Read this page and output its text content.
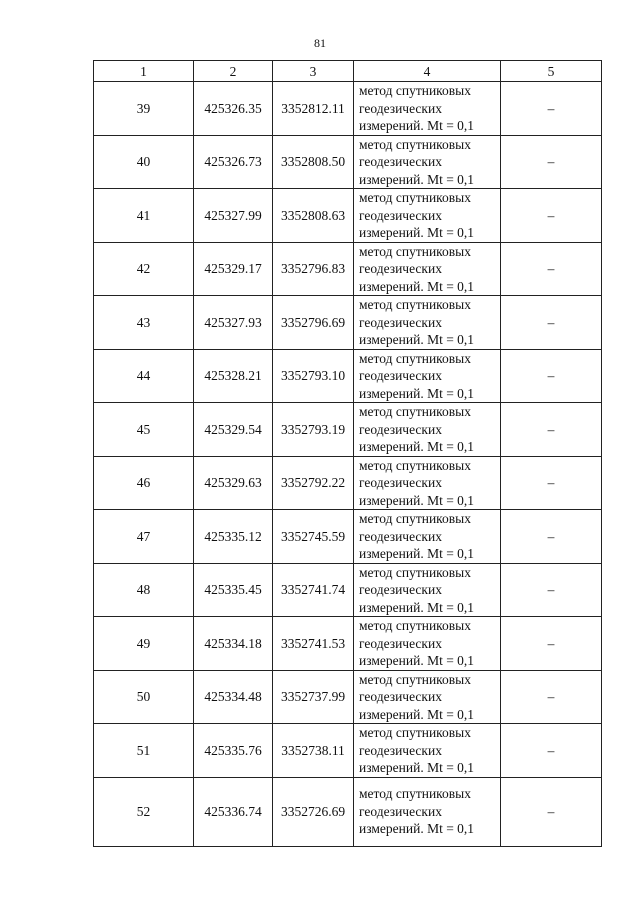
81
1	2	3	4	5
39	425326.35	3352812.11	метод спутниковых
геодезических
измерений. Mt = 0,1	–
40	425326.73	3352808.50	метод спутниковых
геодезических
измерений. Mt = 0,1	–
41	425327.99	3352808.63	метод спутниковых
геодезических
измерений. Mt = 0,1	–
42	425329.17	3352796.83	метод спутниковых
геодезических
измерений. Mt = 0,1	–
43	425327.93	3352796.69	метод спутниковых
геодезических
измерений. Mt = 0,1	–
44	425328.21	3352793.10	метод спутниковых
геодезических
измерений. Mt = 0,1	–
45	425329.54	3352793.19	метод спутниковых
геодезических
измерений. Mt = 0,1	–
46	425329.63	3352792.22	метод спутниковых
геодезических
измерений. Mt = 0,1	–
47	425335.12	3352745.59	метод спутниковых
геодезических
измерений. Mt = 0,1	–
48	425335.45	3352741.74	метод спутниковых
геодезических
измерений. Mt = 0,1	–
49	425334.18	3352741.53	метод спутниковых
геодезических
измерений. Mt = 0,1	–
50	425334.48	3352737.99	метод спутниковых
геодезических
измерений. Mt = 0,1	–
51	425335.76	3352738.11	метод спутниковых
геодезических
измерений. Mt = 0,1	–
52	425336.74	3352726.69	метод спутниковых
геодезических
измерений. Mt = 0,1	–
